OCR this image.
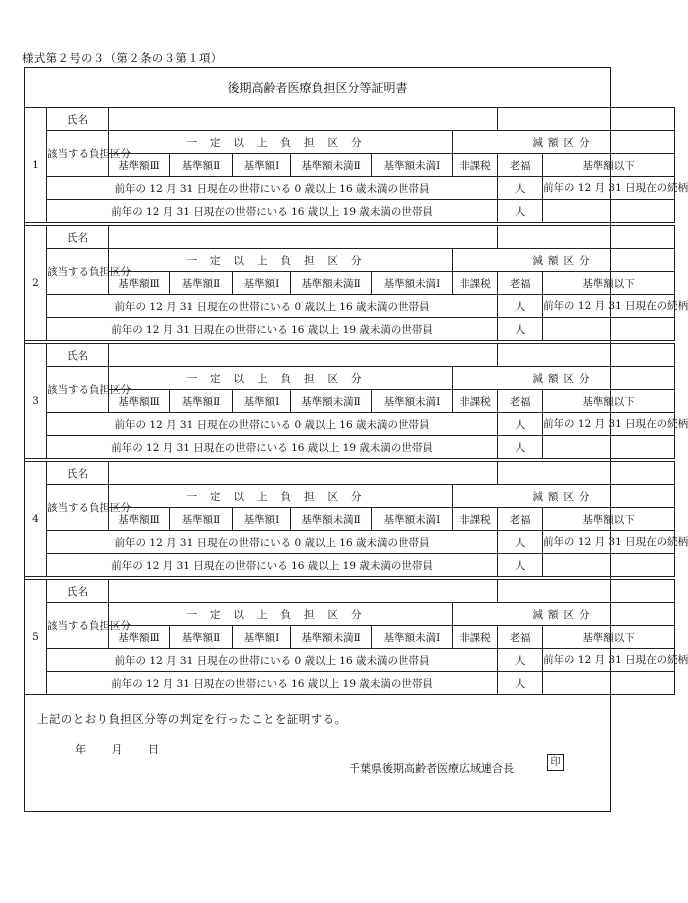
様式第２号の３（第２条の３第１項）
後期高齢者医療負担区分等証明書
1	氏名								
	該当する負担区分	一定以上負担区分					減額区分		
		基準額Ⅲ	基準額Ⅱ	基準額Ⅰ	基準額未満Ⅱ	基準額未満Ⅰ	非課税	老福	基準額以下
	前年の 12 月 31 日現在の世帯にいる 0 歳以上 16 歳未満の世帯員							人	前年の 12 月 31 日現在の続柄
	前年の 12 月 31 日現在の世帯にいる 16 歳以上 19 歳未満の世帯員							人	
2	氏名								
	該当する負担区分	一定以上負担区分					減額区分		
		基準額Ⅲ	基準額Ⅱ	基準額Ⅰ	基準額未満Ⅱ	基準額未満Ⅰ	非課税	老福	基準額以下
	前年の 12 月 31 日現在の世帯にいる 0 歳以上 16 歳未満の世帯員							人	前年の 12 月 31 日現在の続柄
	前年の 12 月 31 日現在の世帯にいる 16 歳以上 19 歳未満の世帯員							人	
3	氏名								
	該当する負担区分	一定以上負担区分					減額区分		
		基準額Ⅲ	基準額Ⅱ	基準額Ⅰ	基準額未満Ⅱ	基準額未満Ⅰ	非課税	老福	基準額以下
	前年の 12 月 31 日現在の世帯にいる 0 歳以上 16 歳未満の世帯員							人	前年の 12 月 31 日現在の続柄
	前年の 12 月 31 日現在の世帯にいる 16 歳以上 19 歳未満の世帯員							人	
4	氏名								
	該当する負担区分	一定以上負担区分					減額区分		
		基準額Ⅲ	基準額Ⅱ	基準額Ⅰ	基準額未満Ⅱ	基準額未満Ⅰ	非課税	老福	基準額以下
	前年の 12 月 31 日現在の世帯にいる 0 歳以上 16 歳未満の世帯員							人	前年の 12 月 31 日現在の続柄
	前年の 12 月 31 日現在の世帯にいる 16 歳以上 19 歳未満の世帯員							人	
5	氏名								
	該当する負担区分	一定以上負担区分					減額区分		
		基準額Ⅲ	基準額Ⅱ	基準額Ⅰ	基準額未満Ⅱ	基準額未満Ⅰ	非課税	老福	基準額以下
	前年の 12 月 31 日現在の世帯にいる 0 歳以上 16 歳未満の世帯員							人	前年の 12 月 31 日現在の続柄
	前年の 12 月 31 日現在の世帯にいる 16 歳以上 19 歳未満の世帯員							人	
上記のとおり負担区分等の判定を行ったことを証明する。
年 月 日
千葉県後期高齢者医療広域連合長	印
